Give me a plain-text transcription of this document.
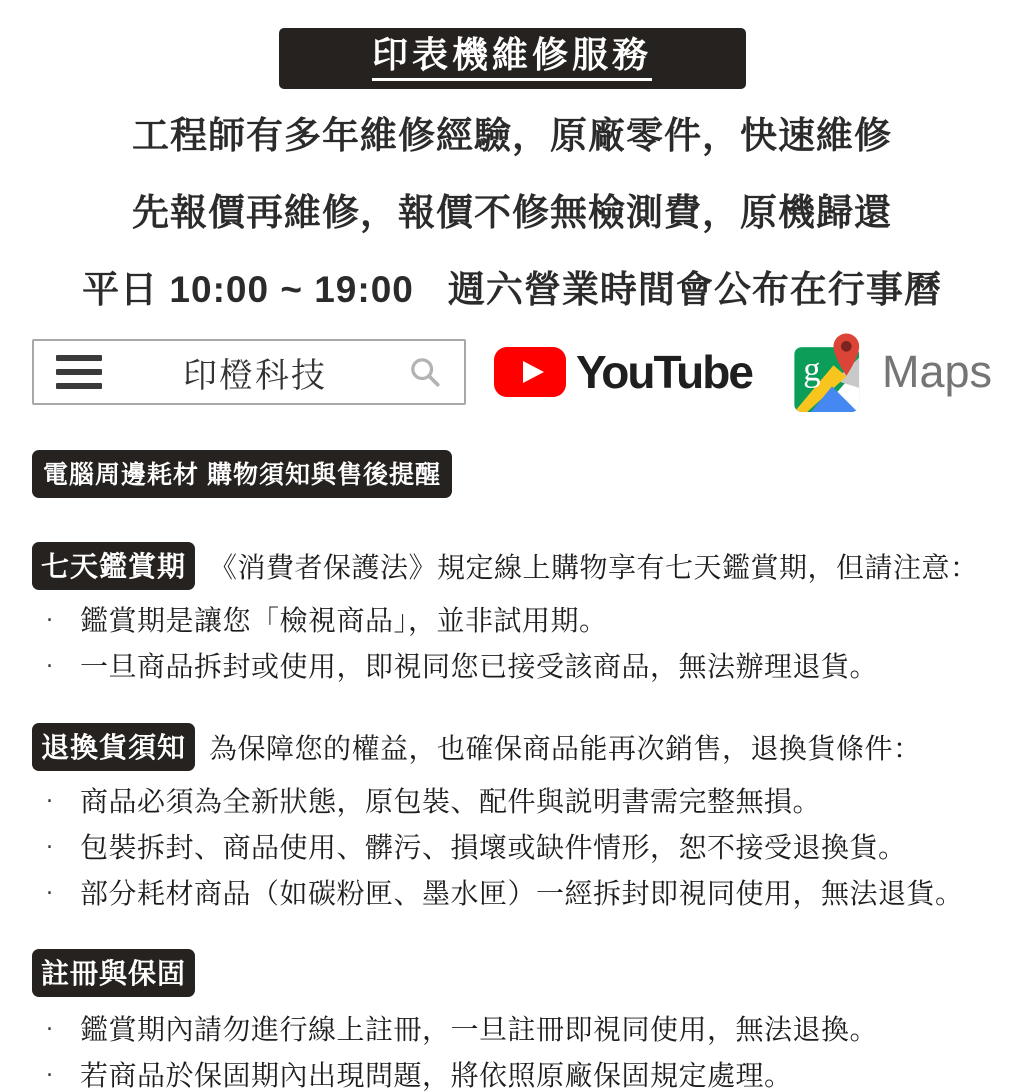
印表機維修服務
工程師有多年維修經驗，原廠零件，快速維修
先報價再維修，報價不修無檢測費，原機歸還
平日 10:00 ~ 19:00 週六營業時間會公布在行事曆
印橙科技	YouTube g Maps
電腦周邊耗材 購物須知與售後提醒
七天鑑賞期 《消費者保護法》規定線上購物享有七天鑑賞期，但請注意：
‧ 鑑賞期是讓您「檢視商品」，並非試用期。
‧ 一旦商品拆封或使用，即視同您已接受該商品，無法辦理退貨。
退換貨須知 為保障您的權益，也確保商品能再次銷售，退換貨條件：
‧ 商品必須為全新狀態，原包裝、配件與説明書需完整無損。
‧ 包裝拆封、商品使用、髒污、損壞或缺件情形，恕不接受退換貨。
‧ 部分耗材商品（如碳粉匣、墨水匣）一經拆封即視同使用，無法退貨。
註冊與保固
‧ 鑑賞期內請勿進行線上註冊，一旦註冊即視同使用，無法退換。
‧ 若商品於保固期內出現問題，將依照原廠保固規定處理。
